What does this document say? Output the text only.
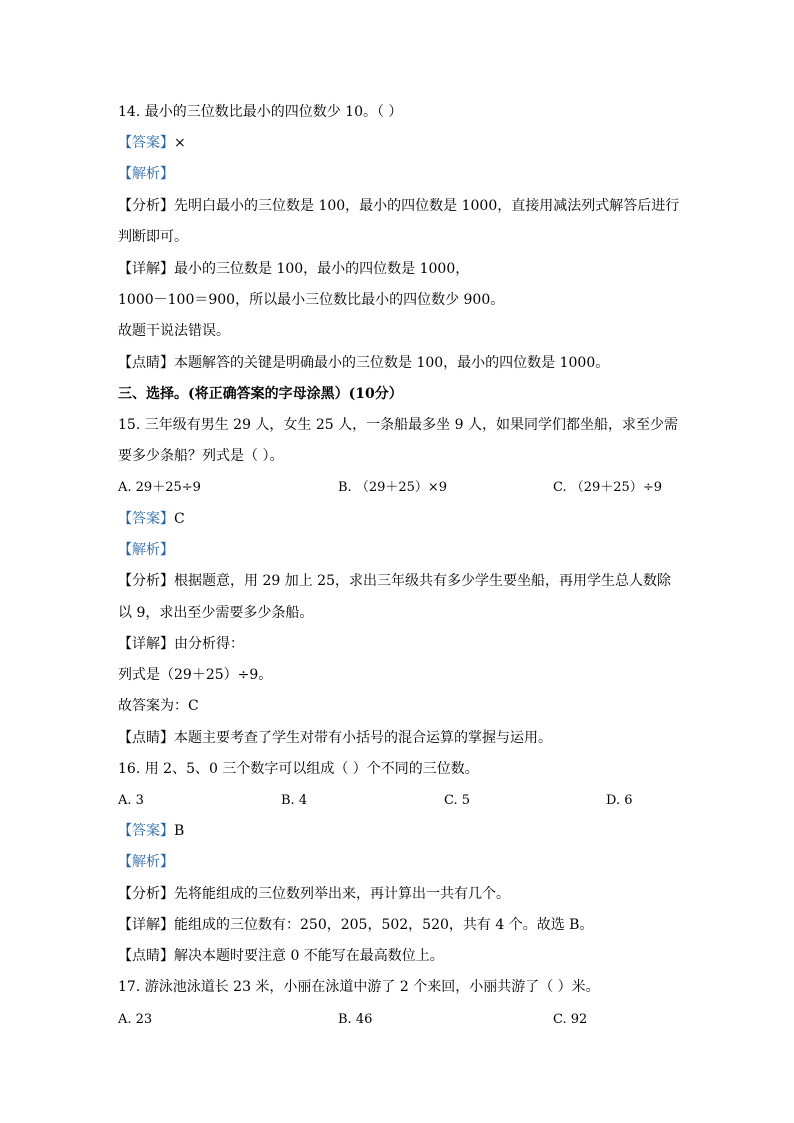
14. 最小的三位数比最小的四位数少 10。（ ）
【答案】×
【解析】
【分析】先明白最小的三位数是 100，最小的四位数是 1000，直接用减法列式解答后进行
判断即可。
【详解】最小的三位数是 100，最小的四位数是 1000，
1000－100＝900，所以最小三位数比最小的四位数少 900。
故题干说法错误。
【点睛】本题解答的关键是明确最小的三位数是 100，最小的四位数是 1000。
三、选择。(将正确答案的字母涂黑）(10分）
15. 三年级有男生 29 人，女生 25 人，一条船最多坐 9 人，如果同学们都坐船，求至少需
要多少条船？列式是（ ）。
A. 29＋25÷9	B. （29＋25）×9	C. （29＋25）÷9
【答案】C
【解析】
【分析】根据题意，用 29 加上 25，求出三年级共有多少学生要坐船，再用学生总人数除
以 9，求出至少需要多少条船。
【详解】由分析得：
列式是（29＋25）÷9。
故答案为：C
【点睛】本题主要考查了学生对带有小括号的混合运算的掌握与运用。
16. 用 2、5、0 三个数字可以组成（ ）个不同的三位数。
A. 3	B. 4	C. 5	D. 6
【答案】B
【解析】
【分析】先将能组成的三位数列举出来，再计算出一共有几个。
【详解】能组成的三位数有：250，205，502，520，共有 4 个。故选 B。
【点睛】解决本题时要注意 0 不能写在最高数位上。
17. 游泳池泳道长 23 米，小丽在泳道中游了 2 个来回，小丽共游了（ ）米。
A. 23	B. 46	C. 92
